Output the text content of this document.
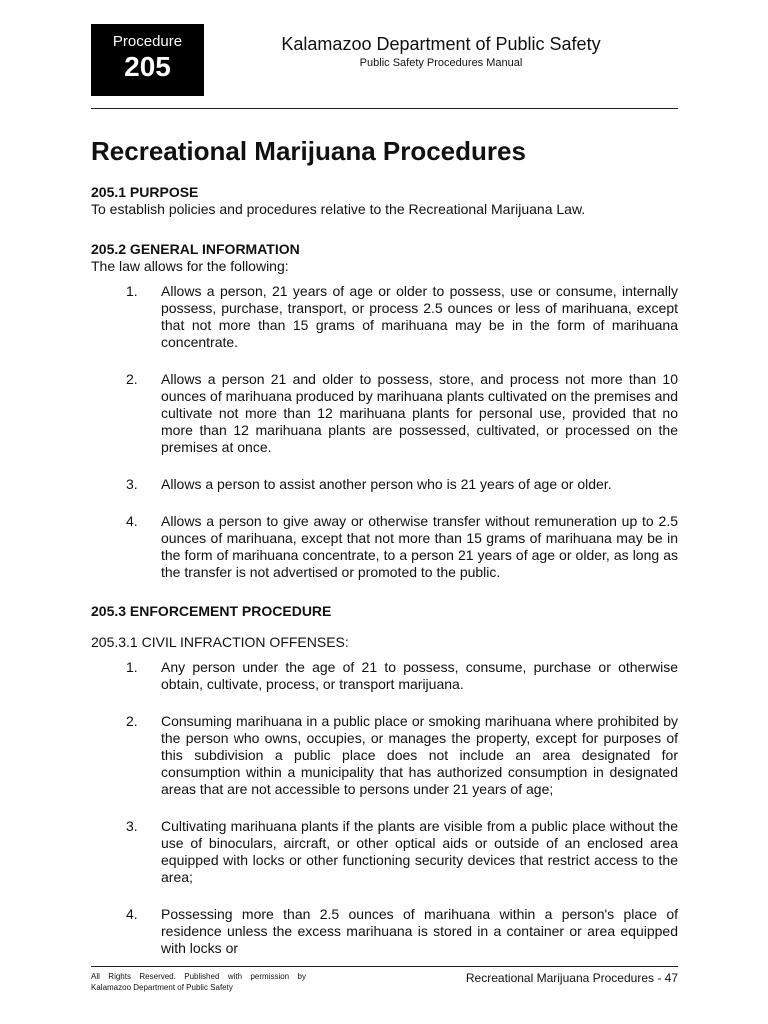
Procedure
205
Kalamazoo Department of Public Safety
Public Safety Procedures Manual
Recreational Marijuana Procedures

205.1 PURPOSE

To establish policies and procedures relative to the Recreational Marijuana Law.

205.2 GENERAL INFORMATION

The law allows for the following:

1.	Allows a person, 21 years of age or older to possess, use or consume, internally possess, purchase, transport, or process 2.5 ounces or less of marihuana, except that not more than 15 grams of marihuana may be in the form of marihuana concentrate.
2.	Allows a person 21 and older to possess, store, and process not more than 10 ounces of marihuana produced by marihuana plants cultivated on the premises and cultivate not more than 12 marihuana plants for personal use, provided that no more than 12 marihuana plants are possessed, cultivated, or processed on the premises at once.
3.	Allows a person to assist another person who is 21 years of age or older.
4.	Allows a person to give away or otherwise transfer without remuneration up to 2.5 ounces of marihuana, except that not more than 15 grams of marihuana may be in the form of marihuana concentrate, to a person 21 years of age or older, as long as the transfer is not advertised or promoted to the public.

205.3 ENFORCEMENT PROCEDURE

205.3.1 CIVIL INFRACTION OFFENSES:

1.	Any person under the age of 21 to possess, consume, purchase or otherwise obtain, cultivate, process, or transport marijuana.
2.	Consuming marihuana in a public place or smoking marihuana where prohibited by the person who owns, occupies, or manages the property, except for purposes of this subdivision a public place does not include an area designated for consumption within a municipality that has authorized consumption in designated areas that are not accessible to persons under 21 years of age;
3.	Cultivating marihuana plants if the plants are visible from a public place without the use of binoculars, aircraft, or other optical aids or outside of an enclosed area equipped with locks or other functioning security devices that restrict access to the area;
4.	Possessing more than 2.5 ounces of marihuana within a person's place of residence unless the excess marihuana is stored in a container or area equipped with locks or
All Rights Reserved. Published with permission by Kalamazoo Department of Public Safety
Recreational Marijuana Procedures - 47
